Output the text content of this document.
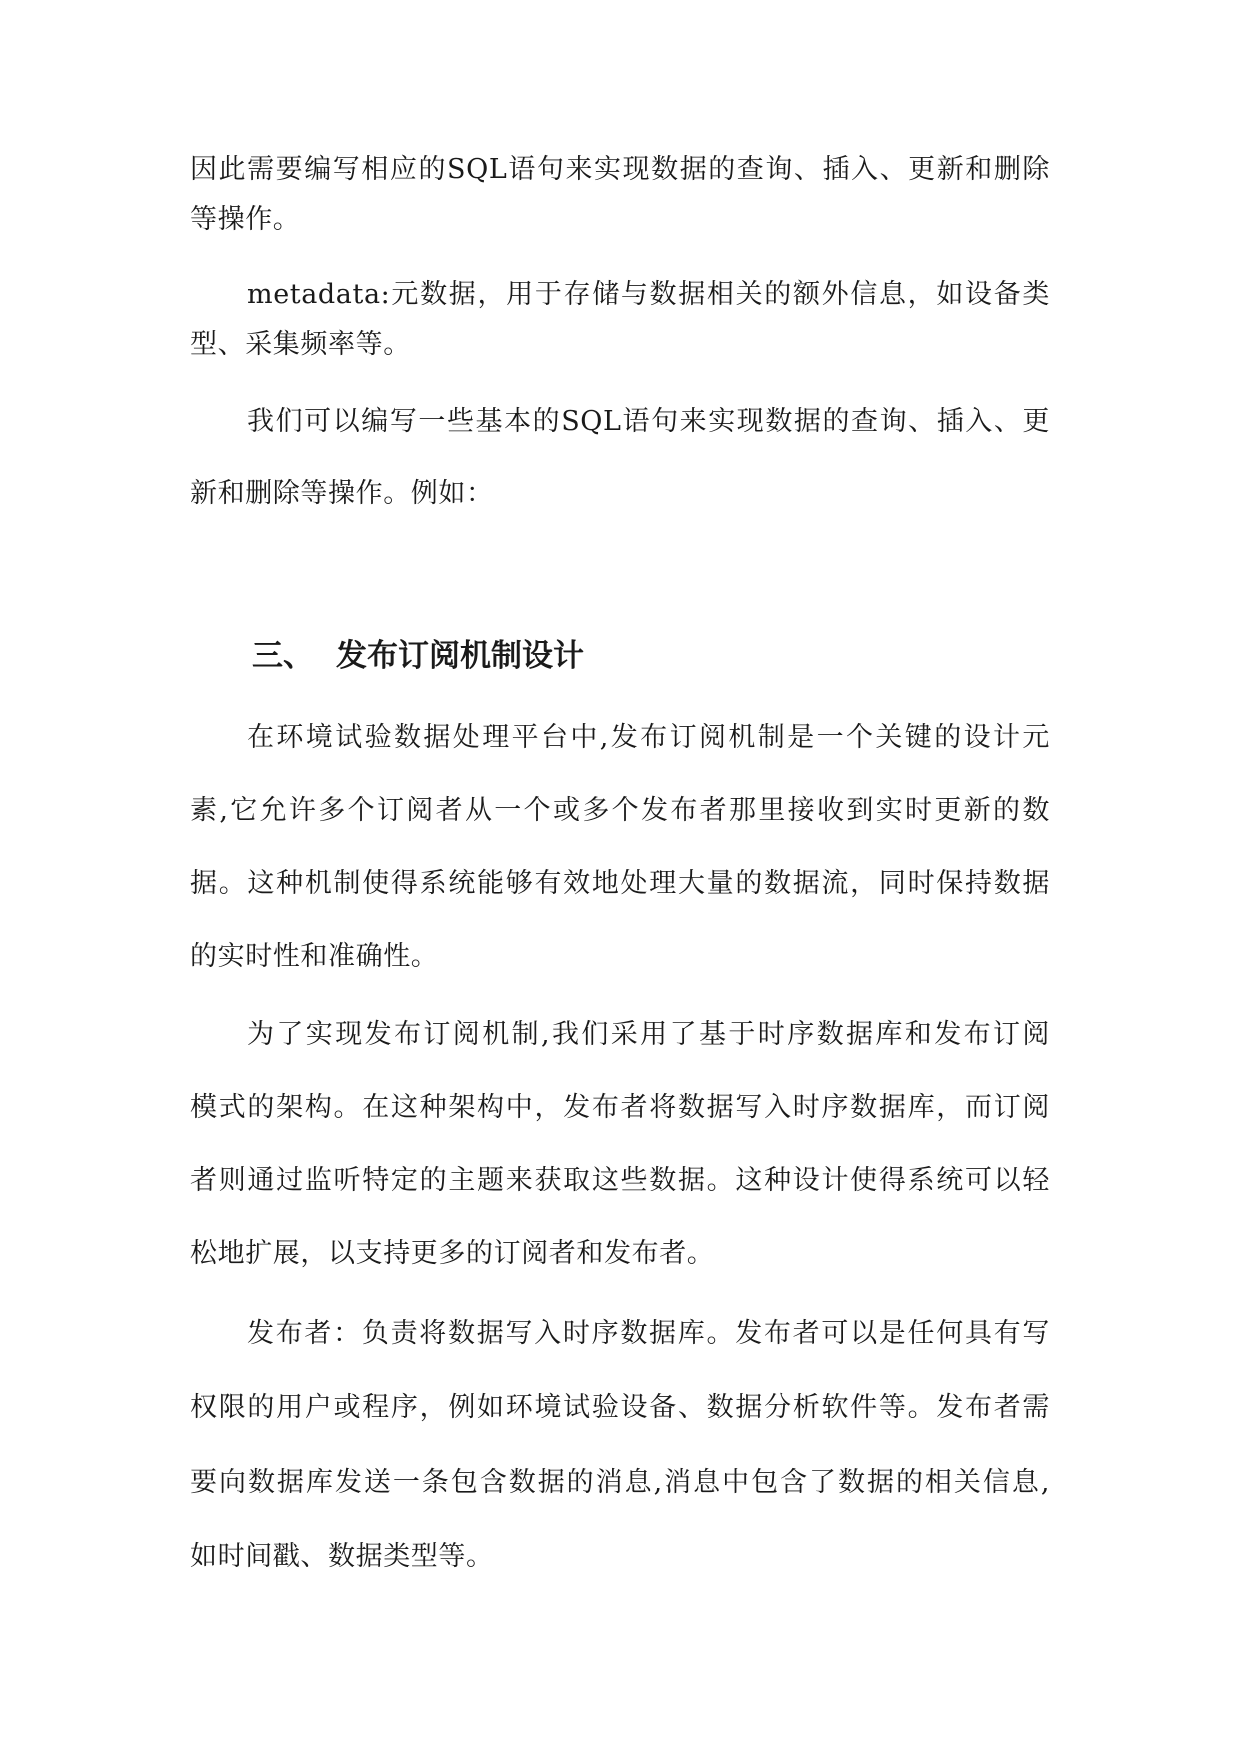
因此需要编写相应的SQL语句来实现数据的查询、插入、更新和删除
等操作。
metadata:元数据，用于存储与数据相关的额外信息，如设备类
型、采集频率等。
我们可以编写一些基本的SQL语句来实现数据的查询、插入、更
新和删除等操作。例如：
三、 发布订阅机制设计
在环境试验数据处理平台中,发布订阅机制是一个关键的设计元
素,它允许多个订阅者从一个或多个发布者那里接收到实时更新的数
据。这种机制使得系统能够有效地处理大量的数据流，同时保持数据
的实时性和准确性。
为了实现发布订阅机制,我们采用了基于时序数据库和发布订阅
模式的架构。在这种架构中，发布者将数据写入时序数据库，而订阅
者则通过监听特定的主题来获取这些数据。这种设计使得系统可以轻
松地扩展，以支持更多的订阅者和发布者。
发布者：负责将数据写入时序数据库。发布者可以是任何具有写
权限的用户或程序，例如环境试验设备、数据分析软件等。发布者需
要向数据库发送一条包含数据的消息,消息中包含了数据的相关信息,
如时间戳、数据类型等。
